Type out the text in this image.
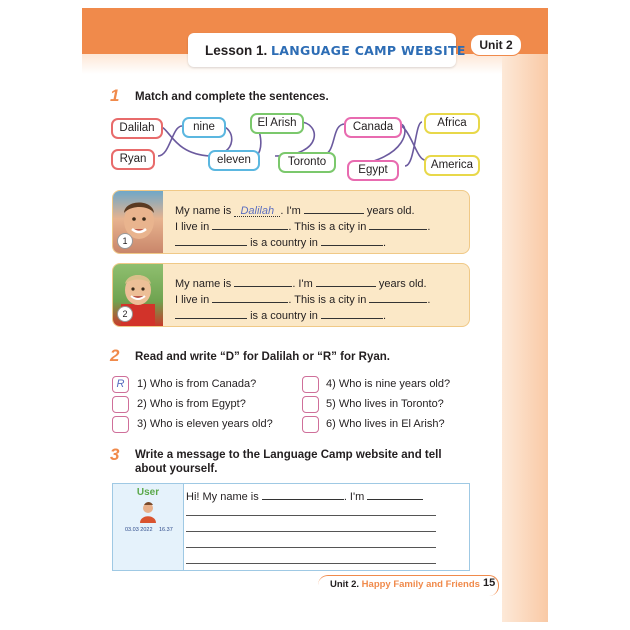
Lesson 1. LANGUAGE CAMP WEBSITE	Unit 2
1 Match and complete the sentences.
Dalilah
Ryan
nine
eleven
El Arish
Toronto
Canada
Egypt
Africa
America
1
My name is Dalilah . I'm	years old.
I live in	. This is a city in	.
is a country in	.
2
My name is	. I'm	years old.
I live in	. This is a city in	.
is a country in	.
2 Read and write “D” for Dalilah or “R” for Ryan.
R	1) Who is from Canada?
2) Who is from Egypt?
3) Who is eleven years old?
4) Who is nine years old?
5) Who lives in Toronto?
6) Who lives in El Arish?
3 Write a message to the Language Camp website and tell
about yourself.
User
03.03 2022 16.37
Hi! My name is	. I'm
Unit 2. Happy Family and Friends 15
